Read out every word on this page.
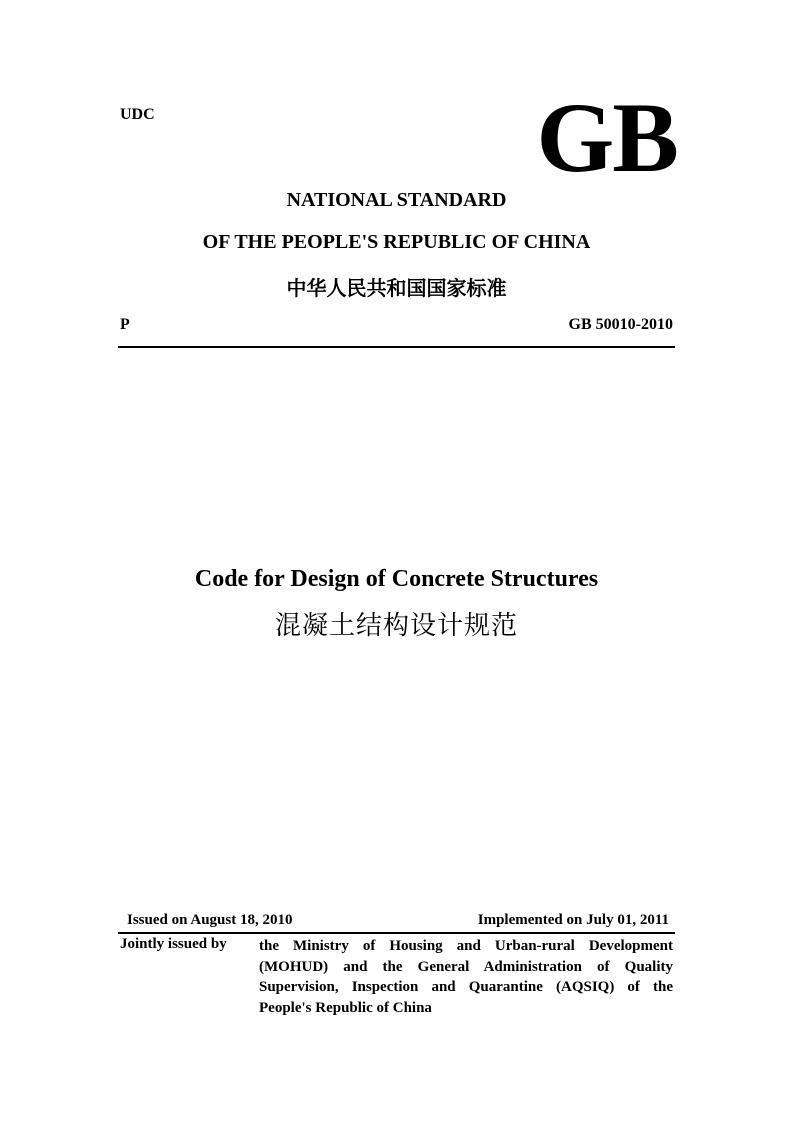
UDC	GB
NATIONAL STANDARD
OF THE PEOPLE'S REPUBLIC OF CHINA
中华人民共和国国家标准
P	GB 50010-2010
Code for Design of Concrete Structures
混凝土结构设计规范
Issued on August 18, 2010	Implemented on July 01, 2011
Jointly issued by the Ministry of Housing and Urban-rural Development
(MOHUD) and the General Administration of Quality
Supervision, Inspection and Quarantine (AQSIQ) of the
People's Republic of China
